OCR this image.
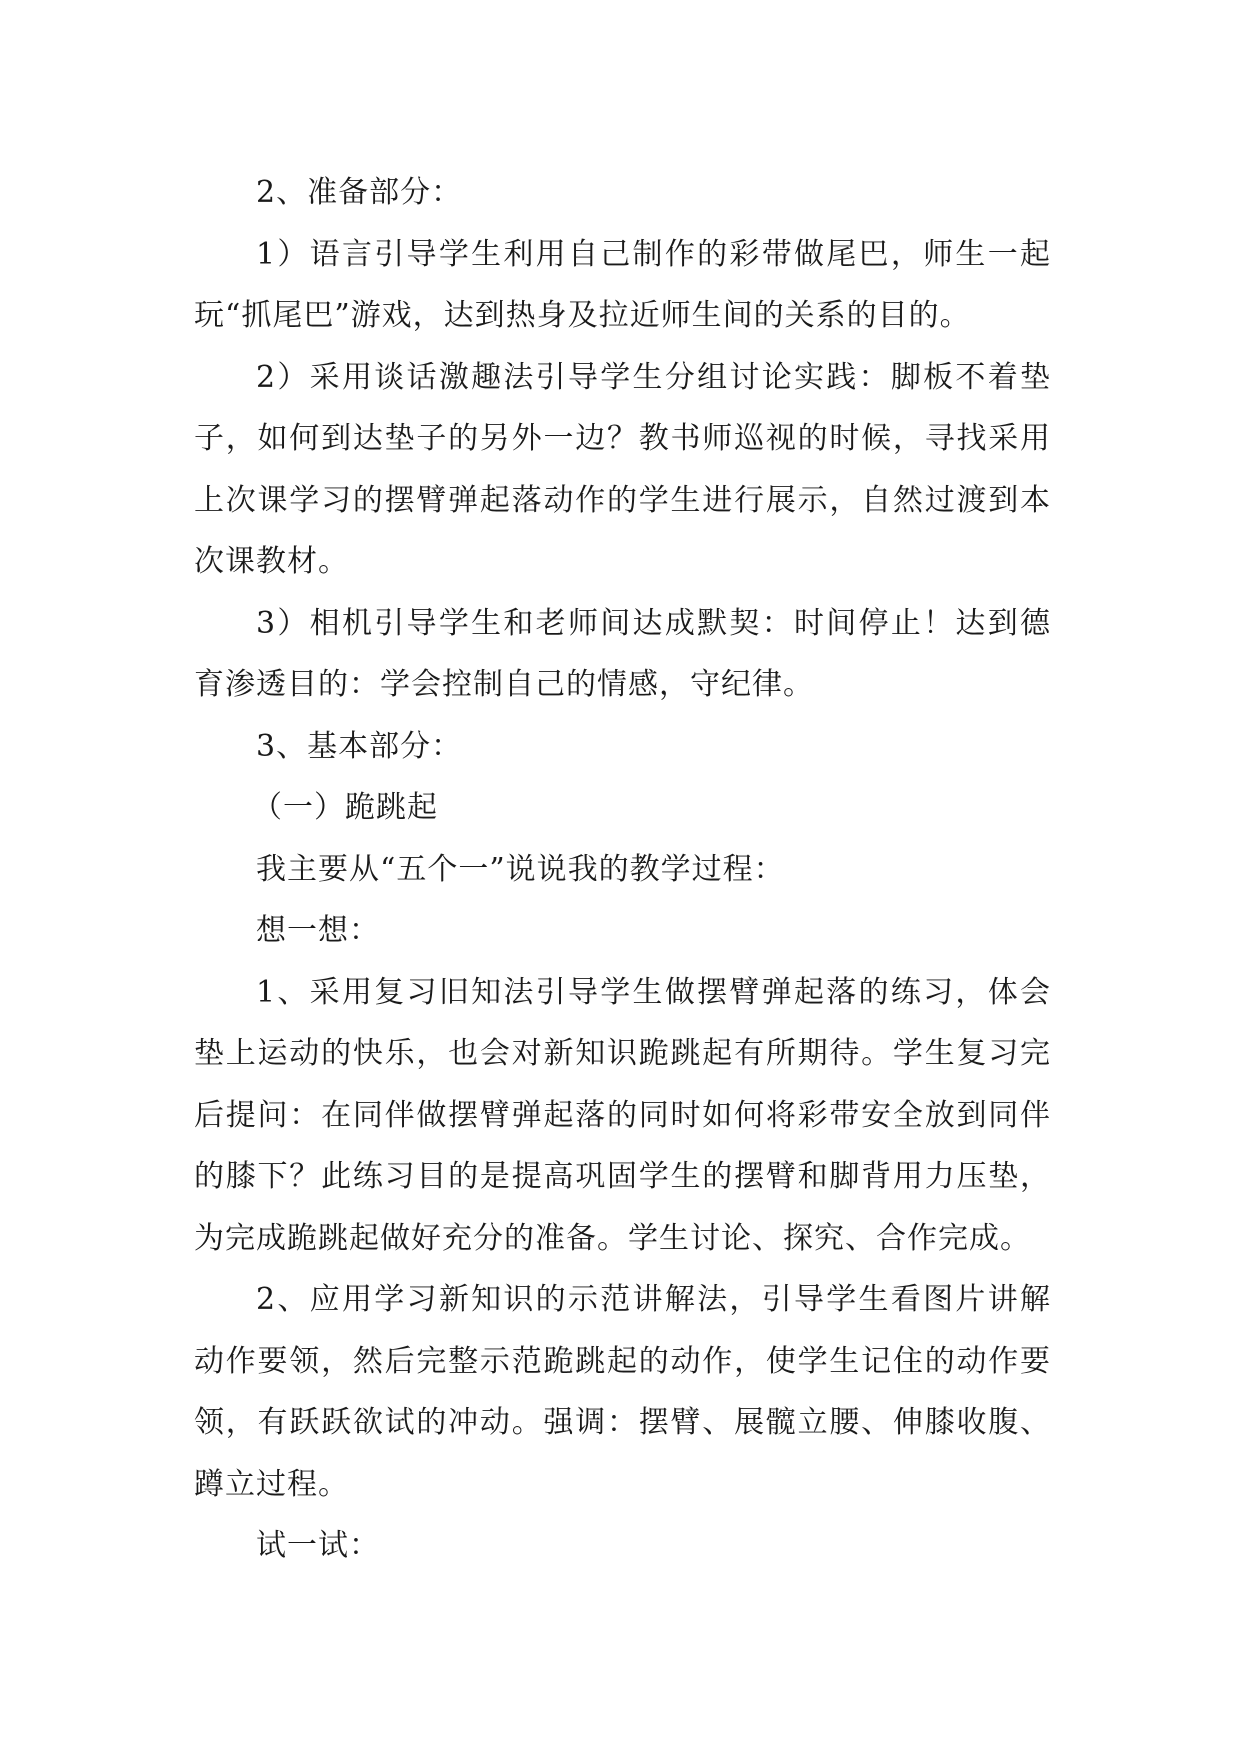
2、准备部分：

1）语言引导学生利用自己制作的彩带做尾巴，师生一起玩“抓尾巴”游戏，达到热身及拉近师生间的关系的目的。

2）采用谈话激趣法引导学生分组讨论实践：脚板不着垫子，如何到达垫子的另外一边？教书师巡视的时候，寻找采用上次课学习的摆臂弹起落动作的学生进行展示，自然过渡到本次课教材。

3）相机引导学生和老师间达成默契：时间停止！达到德育渗透目的：学会控制自己的情感，守纪律。

3、基本部分：

（一）跪跳起

我主要从“五个一”说说我的教学过程：

想一想：

1、采用复习旧知法引导学生做摆臂弹起落的练习，体会垫上运动的快乐，也会对新知识跪跳起有所期待。学生复习完后提问：在同伴做摆臂弹起落的同时如何将彩带安全放到同伴的膝下？此练习目的是提高巩固学生的摆臂和脚背用力压垫，为完成跪跳起做好充分的准备。学生讨论、探究、合作完成。

2、应用学习新知识的示范讲解法，引导学生看图片讲解动作要领，然后完整示范跪跳起的动作，使学生记住的动作要领，有跃跃欲试的冲动。强调：摆臂、展髋立腰、伸膝收腹、蹲立过程。

试一试：
